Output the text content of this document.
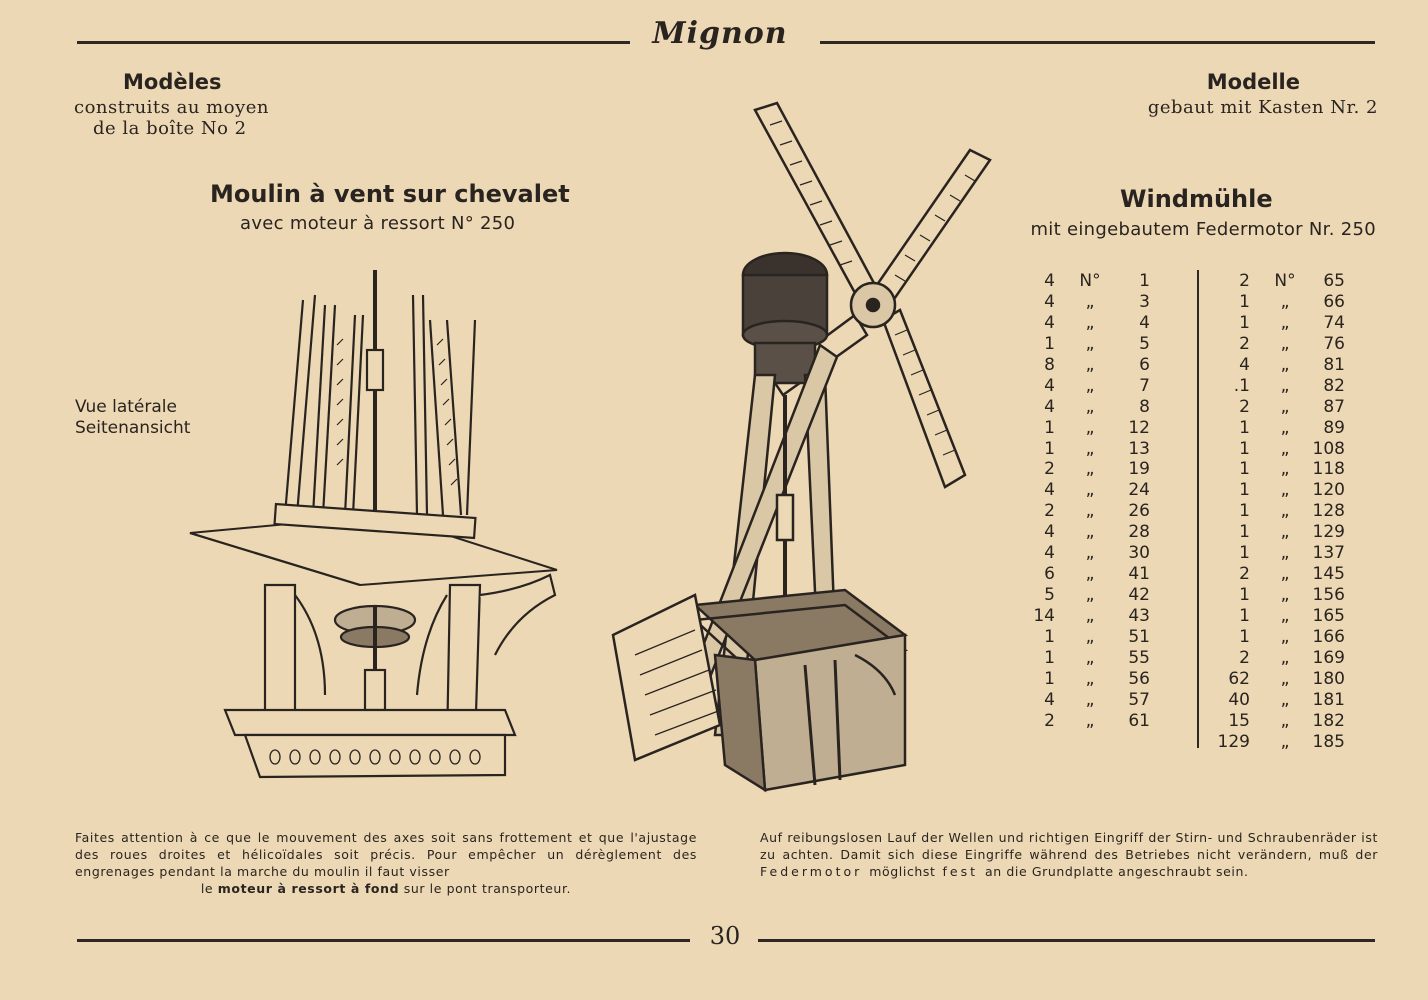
Mignon
Modèles
construits au moyen
de la boîte No 2
Modelle
gebaut mit Kasten Nr. 2
Moulin à vent sur chevalet
avec moteur à ressort N° 250
Windmühle
mit eingebautem Federmotor Nr. 250
Vue latérale
Seitenansicht
4 N°	1
4	„	3
4	„	4
1	„	5
8	„	6
4	„	7
4	„	8
1	„	12
1	„	13
2	„	19
4	„	24
2	„	26
4	„	28
4	„	30
6	„	41
5	„	42
14	„	43
1	„	51
1	„	55
1	„	56
4	„	57
2	„	61
2 N°	65
1	„	66
1	„	74
2	„	76
4	„	81
.1	„	82
2	„	87
1	„	89
1	„	108
1	„	118
1	„	120
1	„	128
1	„	129
1	„	137
2	„	145
1	„	156
1	„	165
1	„	166
2	„	169
62	„	180
40	„	181
15	„	182
129	„	185
Faites attention à ce que le mouvement des axes soit sans frottement et que l'ajustage des roues droites et hélicoïdales soit précis. Pour empêcher un dérèglement des engrenages pendant la marche du moulin il faut visser
le moteur à ressort à fond sur le pont transporteur.
Auf reibungslosen Lauf der Wellen und richtigen Eingriff der Stirn- und Schraubenräder ist zu achten. Damit sich diese Eingriffe während des Betriebes nicht verändern, muß der Federmotor möglichst fest an die Grundplatte angeschraubt sein.
30
